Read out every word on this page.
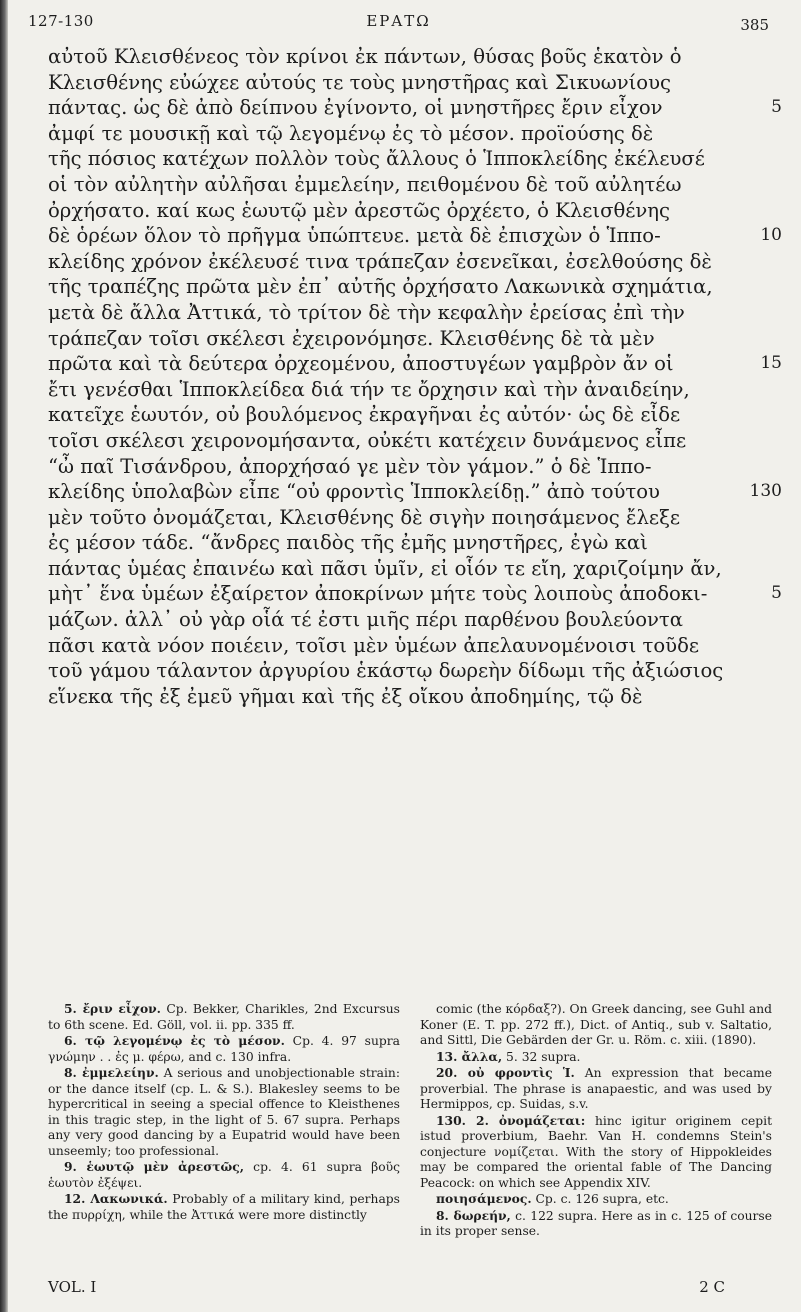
127-130	ΕΡΑΤΩ	385
αὐτοῦ Κλεισθένεος τὸν κρίνοι ἐκ πάντων, θύσας βοῦς ἑκατὸν ὁ
Κλεισθένης εὐώχεε αὐτούς τε τοὺς μνηστῆρας καὶ Σικυωνίους
πάντας. ὡς δὲ ἀπὸ δείπνου ἐγίνοντο, οἱ μνηστῆρες ἔριν εἶχον	5
ἀμφί τε μουσικῇ καὶ τῷ λεγομένῳ ἐς τὸ μέσον. προϊούσης δὲ
τῆς πόσιος κατέχων πολλὸν τοὺς ἄλλους ὁ Ἱπποκλείδης ἐκέλευσέ
οἱ τὸν αὐλητὴν αὐλῆσαι ἐμμελείην, πειθομένου δὲ τοῦ αὐλητέω
ὀρχήσατο. καί κως ἑωυτῷ μὲν ἀρεστῶς ὀρχέετο, ὁ Κλεισθένης
δὲ ὁρέων ὅλον τὸ πρῆγμα ὑπώπτευε. μετὰ δὲ ἐπισχὼν ὁ Ἱππο-	10
κλείδης χρόνον ἐκέλευσέ τινα τράπεζαν ἐσενεῖκαι, ἐσελθούσης δὲ
τῆς τραπέζης πρῶτα μὲν ἐπ᾽ αὐτῆς ὀρχήσατο Λακωνικὰ σχημάτια,
μετὰ δὲ ἄλλα Ἀττικά, τὸ τρίτον δὲ τὴν κεφαλὴν ἐρείσας ἐπὶ τὴν
τράπεζαν τοῖσι σκέλεσι ἐχειρονόμησε. Κλεισθένης δὲ τὰ μὲν
πρῶτα καὶ τὰ δεύτερα ὀρχεομένου, ἀποστυγέων γαμβρὸν ἄν οἱ	15
ἔτι γενέσθαι Ἱπποκλείδεα διά τήν τε ὄρχησιν καὶ τὴν ἀναιδείην,
κατεῖχε ἑωυτόν, οὐ βουλόμενος ἐκραγῆναι ἐς αὐτόν· ὡς δὲ εἶδε
τοῖσι σκέλεσι χειρονομήσαντα, οὐκέτι κατέχειν δυνάμενος εἶπε
“ὦ παῖ Τισάνδρου, ἀπορχήσαό γε μὲν τὸν γάμον.” ὁ δὲ Ἱππο-
κλείδης ὑπολαβὼν εἶπε “οὐ φροντὶς Ἱπποκλείδῃ.” ἀπὸ τούτου	130
μὲν τοῦτο ὀνομάζεται, Κλεισθένης δὲ σιγὴν ποιησάμενος ἔλεξε
ἐς μέσον τάδε. “ἄνδρες παιδὸς τῆς ἐμῆς μνηστῆρες, ἐγὼ καὶ
πάντας ὑμέας ἐπαινέω καὶ πᾶσι ὑμῖν, εἰ οἷόν τε εἴη, χαριζοίμην ἄν,
μὴτ᾽ ἕνα ὑμέων ἐξαίρετον ἀποκρίνων μήτε τοὺς λοιποὺς ἀποδοκι-	5
μάζων. ἀλλ᾽ οὐ γὰρ οἷά τέ ἐστι μιῆς πέρι παρθένου βουλεύοντα
πᾶσι κατὰ νόον ποιέειν, τοῖσι μὲν ὑμέων ἀπελαυνομένοισι τοῦδε
τοῦ γάμου τάλαντον ἀργυρίου ἑκάστῳ δωρεὴν δίδωμι τῆς ἀξιώσιος
εἵνεκα τῆς ἐξ ἐμεῦ γῆμαι καὶ τῆς ἐξ οἴκου ἀποδημίης, τῷ δὲ

5. ἔριν εἶχον. Cp. Bekker, Charikles, 2nd Excursus to 6th scene. Ed. Göll, vol. ii. pp. 335 ff.

6. τῷ λεγομένῳ ἐς τὸ μέσον. Cp. 4. 97 supra γνώμην . . ἐς μ. φέρω, and c. 130 infra.

8. ἐμμελείην. A serious and unobjectionable strain: or the dance itself (cp. L. & S.). Blakesley seems to be hypercritical in seeing a special offence to Kleisthenes in this tragic step, in the light of 5. 67 supra. Perhaps any very good dancing by a Eupatrid would have been unseemly; too professional.

9. ἑωυτῷ μὲν ἀρεστῶς, cp. 4. 61 supra βοῦς ἑωυτὸν ἐξέψει.

12. Λακωνικά. Probably of a military kind, perhaps the πυρρίχη, while the Ἀττικά were more distinctly

comic (the κόρδαξ?). On Greek dancing, see Guhl and Koner (E. T. pp. 272 ff.), Dict. of Antiq., sub v. Saltatio, and Sittl, Die Gebärden der Gr. u. Röm. c. xiii. (1890).

13. ἄλλα, 5. 32 supra.

20. οὐ φροντὶς Ἱ. An expression that became proverbial. The phrase is anapaestic, and was used by Hermippos, cp. Suidas, s.v.

130. 2. ὀνομάζεται: hinc igitur originem cepit istud proverbium, Baehr. Van H. condemns Stein's conjecture νομίζεται. With the story of Hippokleides may be compared the oriental fable of The Dancing Peacock: on which see Appendix XIV.

ποιησάμενος. Cp. c. 126 supra, etc.

8. δωρεήν, c. 122 supra. Here as in c. 125 of course in its proper sense.

VOL. I	2 C
